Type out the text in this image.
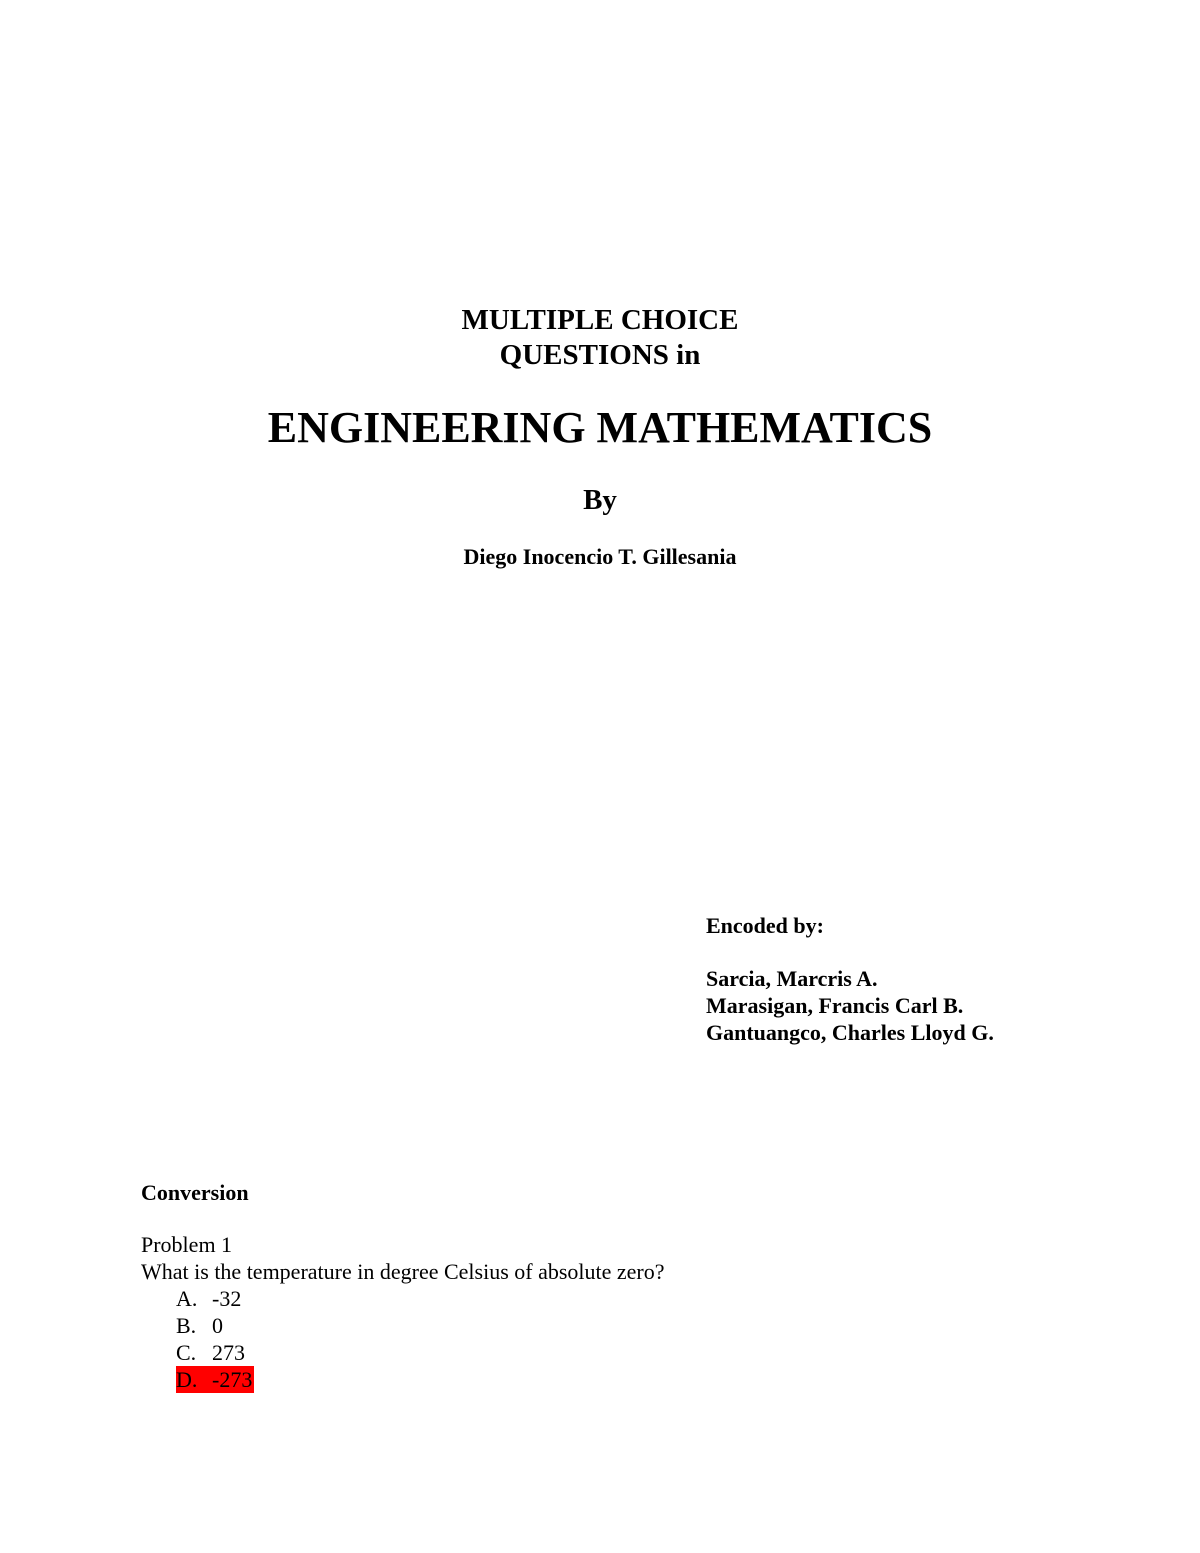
MULTIPLE CHOICE
QUESTIONS in
ENGINEERING MATHEMATICS
By
Diego Inocencio T. Gillesania
Encoded by:
Sarcia, Marcris A.
Marasigan, Francis Carl B.
Gantuangco, Charles Lloyd G.
Conversion
Problem 1
What is the temperature in degree Celsius of absolute zero?
A. -32
B. 0
C. 273
D. -273
